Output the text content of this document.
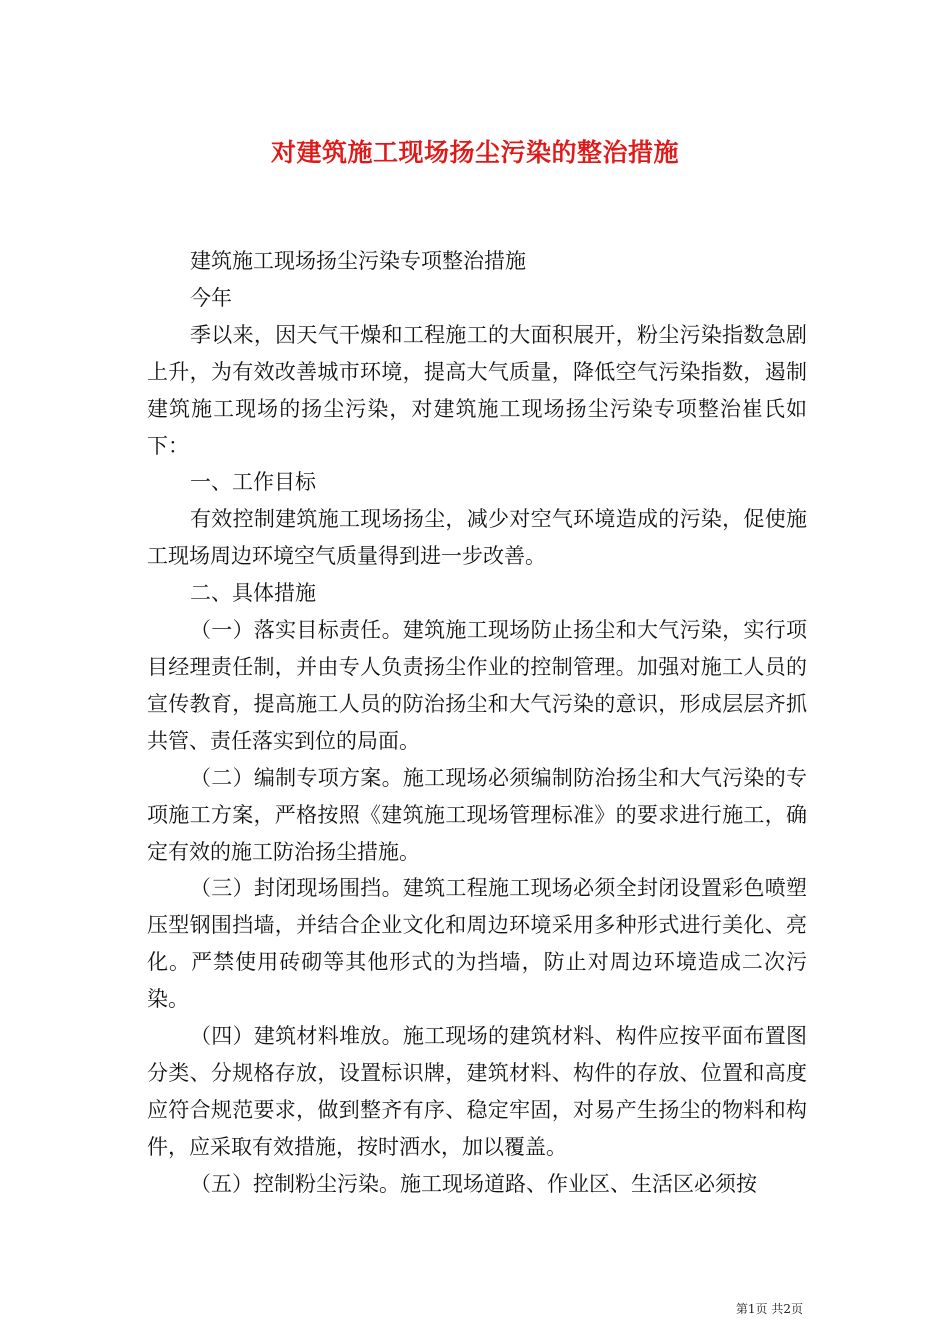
对建筑施工现场扬尘污染的整治措施

建筑施工现场扬尘污染专项整治措施

今年

季以来，因天气干燥和工程施工的大面积展开，粉尘污染指数急剧上升，为有效改善城市环境，提高大气质量，降低空气污染指数，遏制建筑施工现场的扬尘污染，对建筑施工现场扬尘污染专项整治崔氏如下：

一、工作目标

有效控制建筑施工现场扬尘，减少对空气环境造成的污染，促使施工现场周边环境空气质量得到进一步改善。

二、具体措施

（一）落实目标责任。建筑施工现场防止扬尘和大气污染，实行项目经理责任制，并由专人负责扬尘作业的控制管理。加强对施工人员的宣传教育，提高施工人员的防治扬尘和大气污染的意识，形成层层齐抓共管、责任落实到位的局面。

（二）编制专项方案。施工现场必须编制防治扬尘和大气污染的专项施工方案，严格按照《建筑施工现场管理标准》的要求进行施工，确定有效的施工防治扬尘措施。

（三）封闭现场围挡。建筑工程施工现场必须全封闭设置彩色喷塑压型钢围挡墙，并结合企业文化和周边环境采用多种形式进行美化、亮化。严禁使用砖砌等其他形式的为挡墙，防止对周边环境造成二次污染。

（四）建筑材料堆放。施工现场的建筑材料、构件应按平面布置图分类、分规格存放，设置标识牌，建筑材料、构件的存放、位置和高度应符合规范要求，做到整齐有序、稳定牢固，对易产生扬尘的物料和构件，应采取有效措施，按时洒水，加以覆盖。

（五）控制粉尘污染。施工现场道路、作业区、生活区必须按

第1页 共2页
